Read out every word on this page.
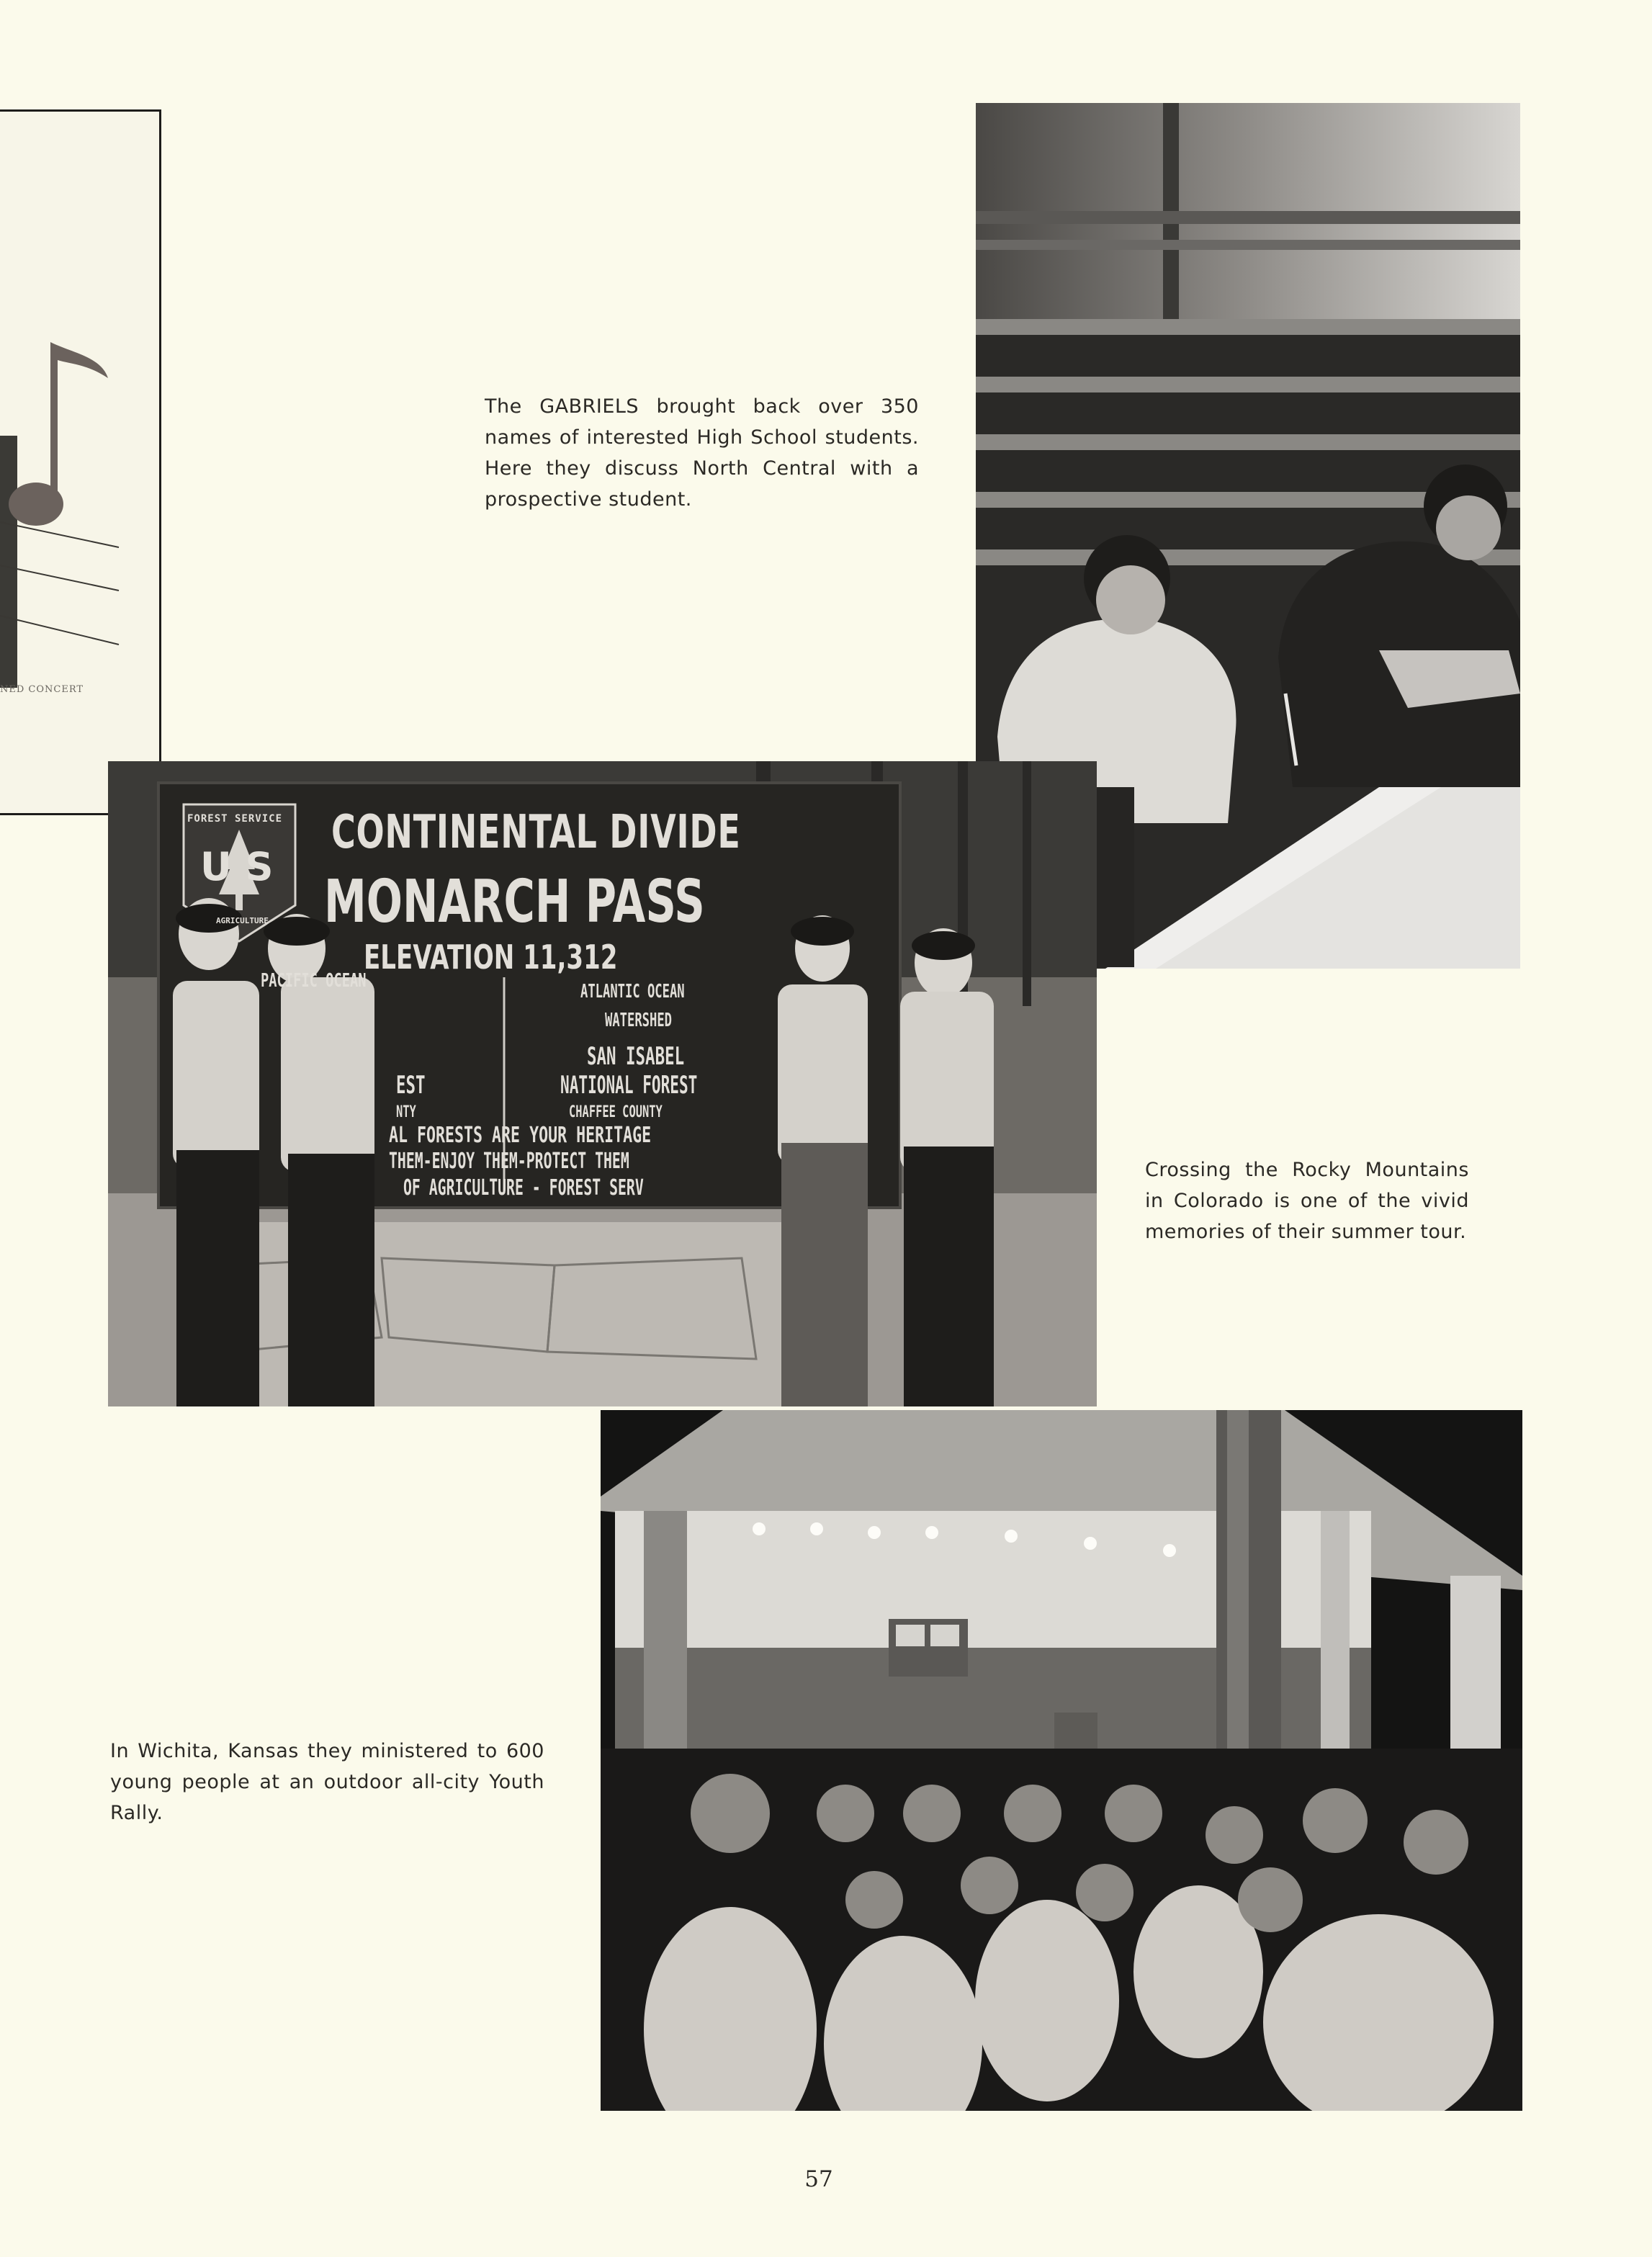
NED CONCERT
The GABRIELS brought back over 350 names of interested High School students. Here they discuss North Central with a prospective student.
FOREST SERVICE
U S
AGRICULTURE
CONTINENTAL DIVIDE
MONARCH PASS
ELEVATION 11,312
PACIFIC OCEAN	ATLANTIC OCEAN
WATERSHED
SAN ISABEL
NATIONAL FOREST
CHAFFEE COUNTY
EST
NTY
AL FORESTS ARE YOUR HERITAGE
THEM-ENJOY THEM-PROTECT THEM
OF AGRICULTURE - FOREST SERV
Crossing the Rocky Mountains in Colorado is one of the vivid memories of their summer tour.
In Wichita, Kansas they ministered to 600 young people at an outdoor all-city Youth Rally.
57
